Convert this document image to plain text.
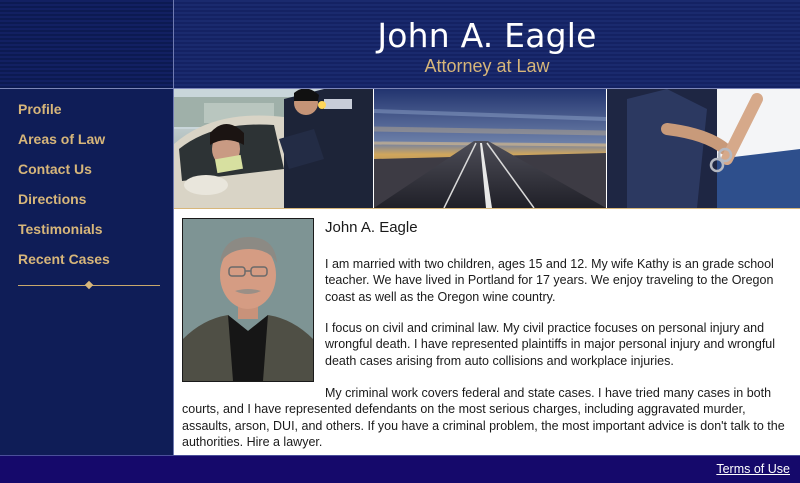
John A. Eagle
Attorney at Law
Profile
Areas of Law
Contact Us
Directions
Testimonials
Recent Cases
John A. Eagle
I am married with two children, ages 15 and 12. My wife Kathy is an grade school teacher. We have lived in Portland for 17 years. We enjoy traveling to the Oregon coast as well as the Oregon wine country.
I focus on civil and criminal law. My civil practice focuses on personal injury and wrongful death. I have represented plaintiffs in major personal injury and wrongful death cases arising from auto collisions and workplace injuries.
My criminal work covers federal and state cases. I have tried many cases in both courts, and I have represented defendants on the most serious charges, including aggravated murder, assaults, arson, DUI, and others. If you have a criminal problem, the most important advice is don't talk to the authorities. Hire a lawyer.
Terms of Use
